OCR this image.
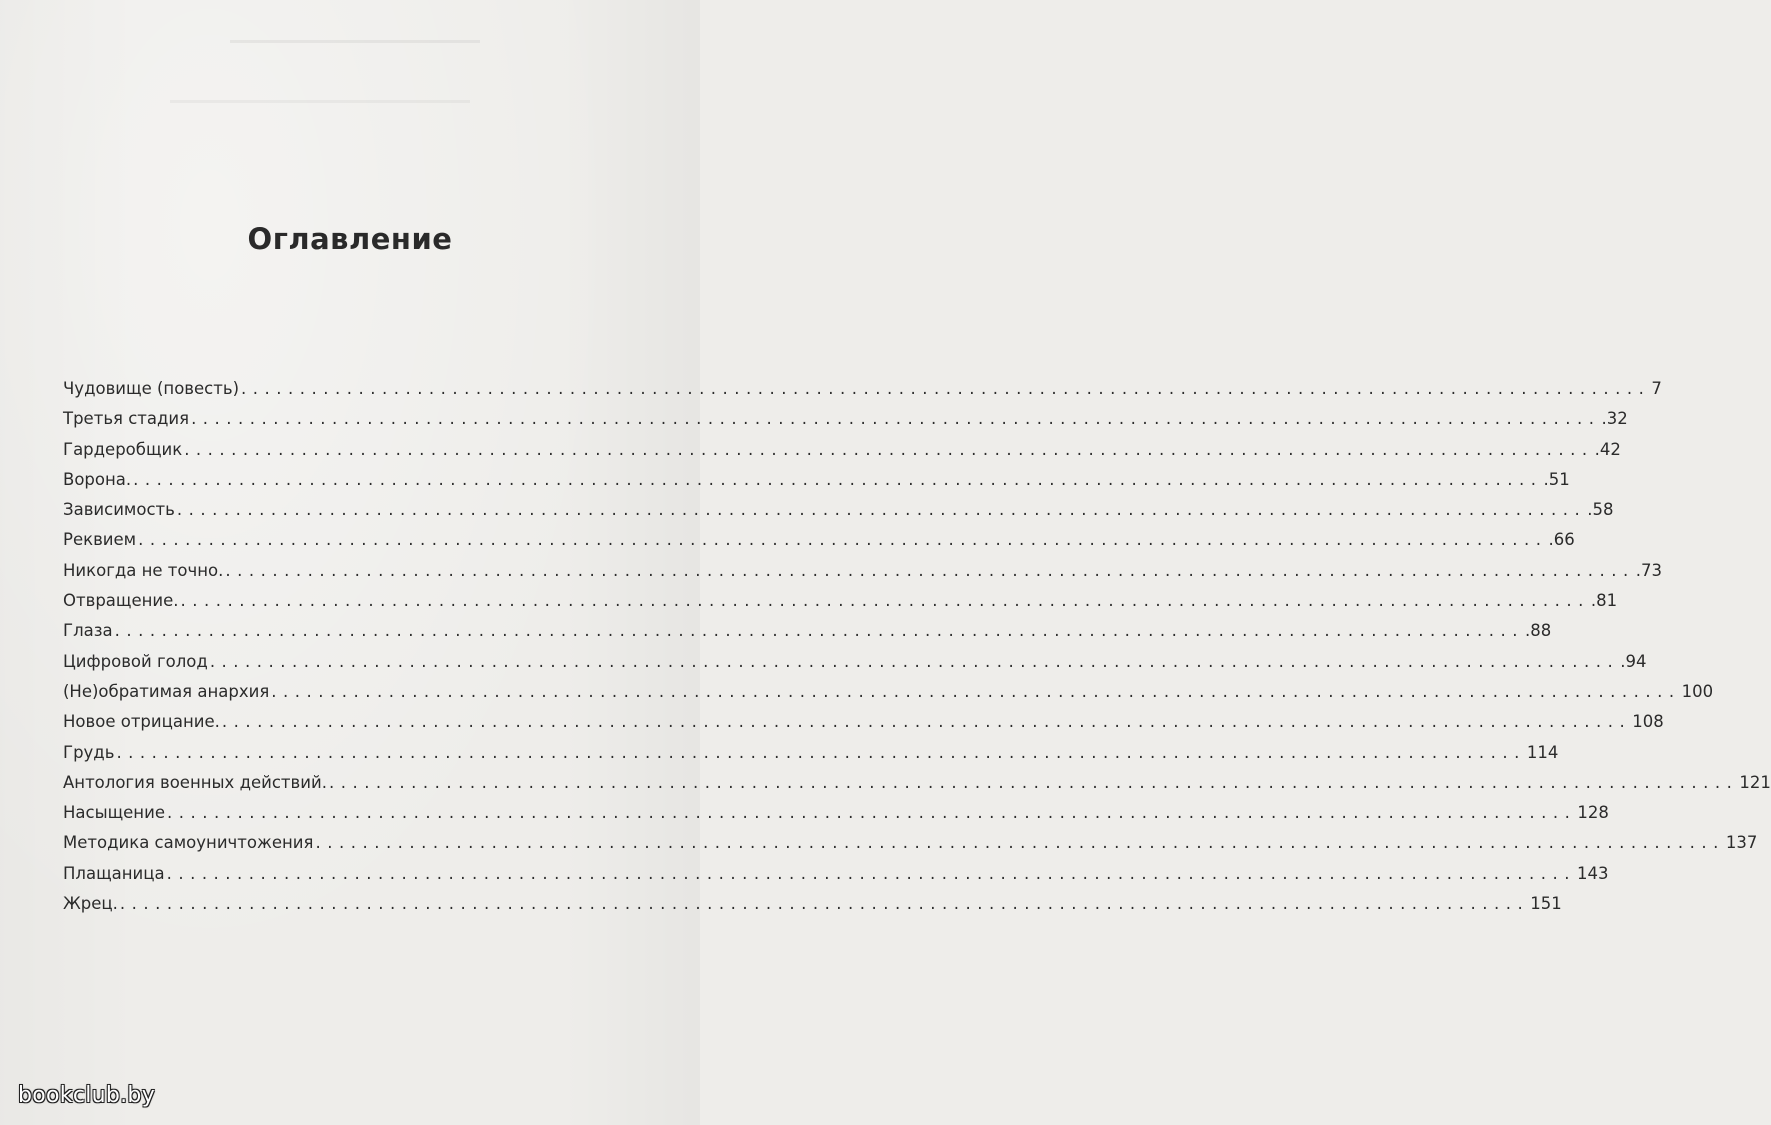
Оглавление
Чудовище (повесть) ........................................................................................................................ 7
Третья стадия ........................................................................................................................ .32
Гардеробщик ........................................................................................................................ .42
Ворона. ........................................................................................................................ .51
Зависимость ........................................................................................................................ .58
Реквием ........................................................................................................................ .66
Никогда не точно. ........................................................................................................................ .73
Отвращение. ........................................................................................................................ .81
Глаза ........................................................................................................................ .88
Цифровой голод ........................................................................................................................ .94
(Не)обратимая анархия ........................................................................................................................ 100
Новое отрицание. ........................................................................................................................ 108
Грудь ........................................................................................................................ 114
Антология военных действий. ........................................................................................................................ 121
Насыщение ........................................................................................................................ 128
Методика самоуничтожения ........................................................................................................................ 137
Плащаница ........................................................................................................................ 143
Жрец. ........................................................................................................................ 151
bookclub.by
